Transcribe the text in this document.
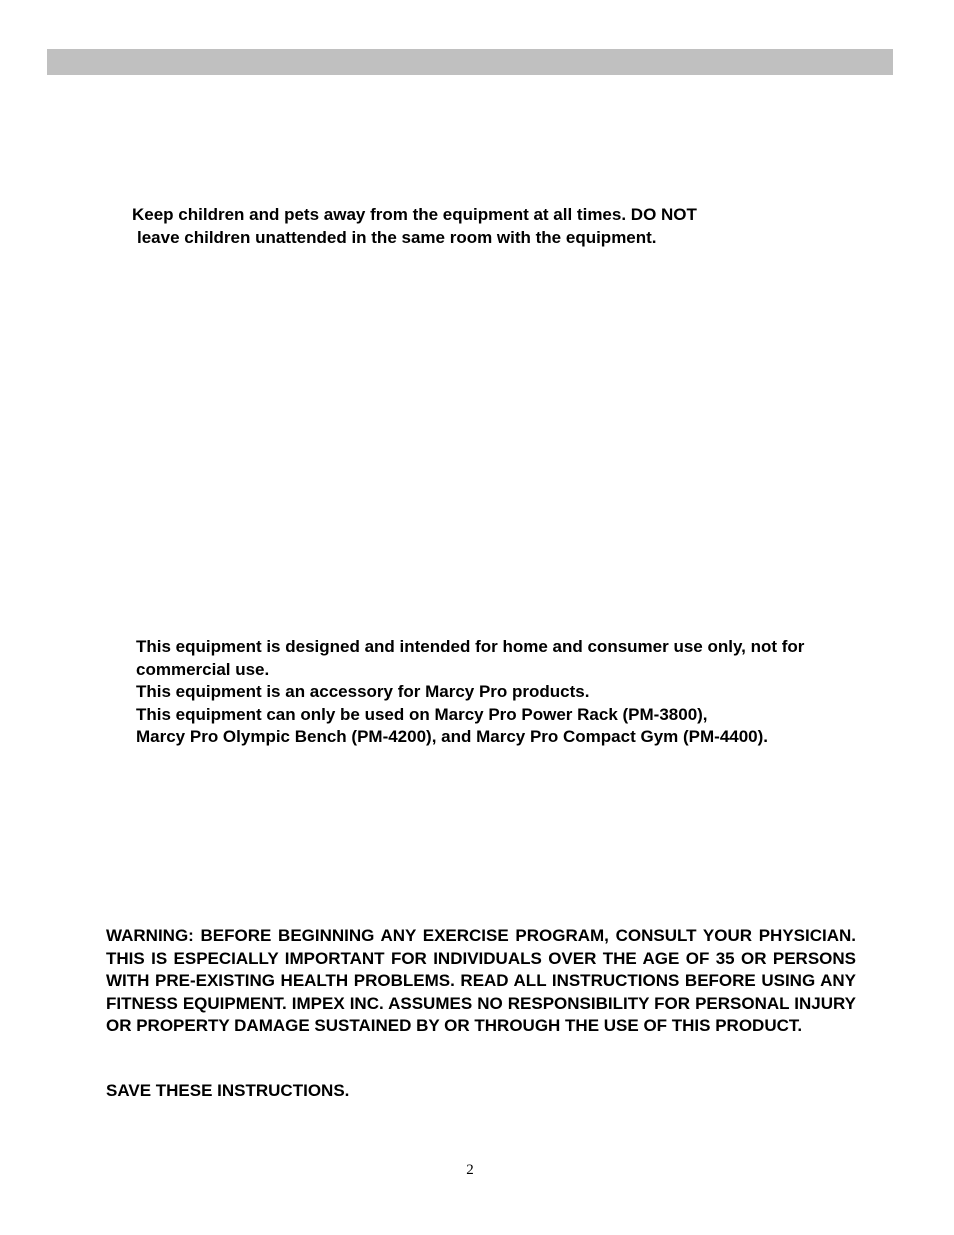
Keep children and pets away from the equipment at all times. DO NOT
leave children unattended in the same room with the equipment.
This equipment is designed and intended for home and consumer use only, not for
commercial use.
This equipment is an accessory for Marcy Pro products.
This equipment can only be used on Marcy Pro Power Rack (PM-3800),
Marcy Pro Olympic Bench (PM-4200), and Marcy Pro Compact Gym (PM-4400).
WARNING: BEFORE BEGINNING ANY EXERCISE PROGRAM, CONSULT YOUR PHYSICIAN. THIS IS ESPECIALLY IMPORTANT FOR INDIVIDUALS OVER THE AGE OF 35 OR PERSONS WITH PRE-EXISTING HEALTH PROBLEMS. READ ALL INSTRUCTIONS BEFORE USING ANY FITNESS EQUIPMENT. IMPEX INC. ASSUMES NO RESPONSIBILITY FOR PERSONAL INJURY OR PROPERTY DAMAGE SUSTAINED BY OR THROUGH THE USE OF THIS PRODUCT.
SAVE THESE INSTRUCTIONS.
2
